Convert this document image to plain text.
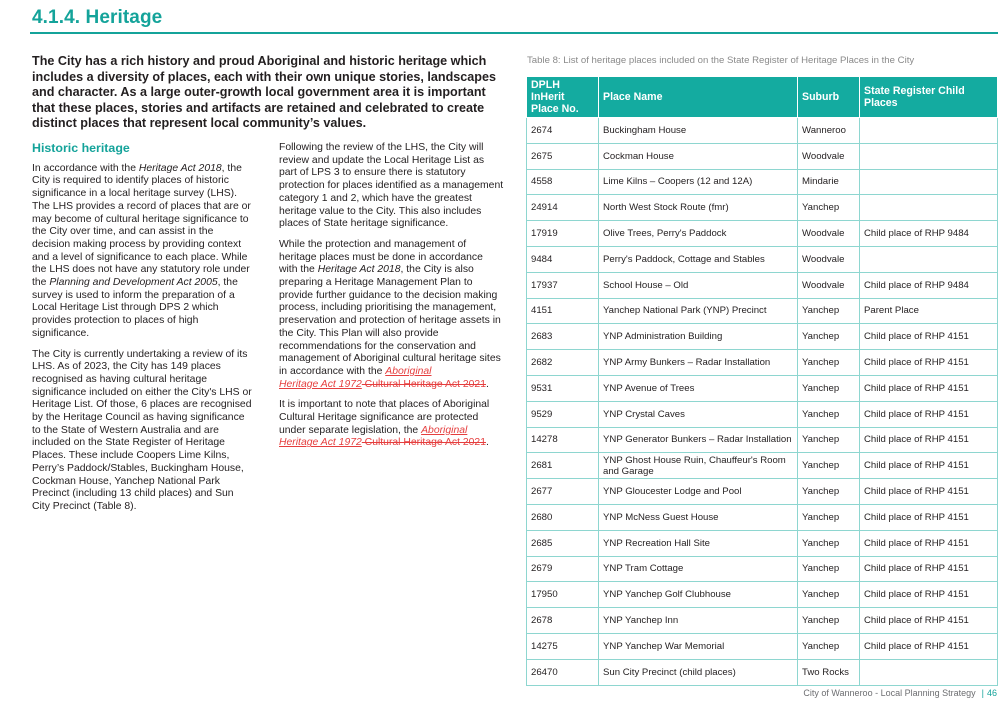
4.1.4. Heritage

The City has a rich history and proud Aboriginal and historic heritage which includes a diversity of places, each with their own unique stories, landscapes and character. As a large outer-growth local government area it is important that these places, stories and artifacts are retained and celebrated to create distinct places that represent local community’s values.

Historic heritage

In accordance with the Heritage Act 2018, the City is required to identify places of historic significance in a local heritage survey (LHS). The LHS provides a record of places that are or may become of cultural heritage significance to the City over time, and can assist in the decision making process by providing context and a level of significance to each place. While the LHS does not have any statutory role under the Planning and Development Act 2005, the survey is used to inform the preparation of a Local Heritage List through DPS 2 which provides protection to places of high significance.

The City is currently undertaking a review of its LHS. As of 2023, the City has 149 places recognised as having cultural heritage significance included on either the City's LHS or Heritage List. Of those, 6 places are recognised by the Heritage Council as having significance to the State of Western Australia and are included on the State Register of Heritage Places. These include Coopers Lime Kilns, Perry’s Paddock/Stables, Buckingham House, Cockman House, Yanchep National Park Precinct (including 13 child places) and Sun City Precinct (Table 8).

Following the review of the LHS, the City will review and update the Local Heritage List as part of LPS 3 to ensure there is statutory protection for places identified as a management category 1 and 2, which have the greatest heritage value to the City. This also includes places of State heritage significance.

While the protection and management of heritage places must be done in accordance with the Heritage Act 2018, the City is also preparing a Heritage Management Plan to provide further guidance to the decision making process, including prioritising the management, preservation and protection of heritage assets in the City. This Plan will also provide recommendations for the conservation and management of Aboriginal cultural heritage sites in accordance with the Aboriginal
Heritage Act 1972 Cultural Heritage Act 2021.

It is important to note that places of Aboriginal Cultural Heritage significance are protected under separate legislation, the Aboriginal
Heritage Act 1972 Cultural Heritage Act 2021.

Table 8: List of heritage places included on the State Register of Heritage Places in the City

DPLH InHerit Place No.	Place Name	Suburb	State Register Child Places
2674	Buckingham House	Wanneroo	
2675	Cockman House	Woodvale	
4558	Lime Kilns – Coopers (12 and 12A)	Mindarie	
24914	North West Stock Route (fmr)	Yanchep	
17919	Olive Trees, Perry's Paddock	Woodvale	Child place of RHP 9484
9484	Perry's Paddock, Cottage and Stables	Woodvale	
17937	School House – Old	Woodvale	Child place of RHP 9484
4151	Yanchep National Park (YNP) Precinct	Yanchep	Parent Place
2683	YNP Administration Building	Yanchep	Child place of RHP 4151
2682	YNP Army Bunkers – Radar Installation	Yanchep	Child place of RHP 4151
9531	YNP Avenue of Trees	Yanchep	Child place of RHP 4151
9529	YNP Crystal Caves	Yanchep	Child place of RHP 4151
14278	YNP Generator Bunkers – Radar Installation	Yanchep	Child place of RHP 4151
2681	YNP Ghost House Ruin, Chauffeur's Room and Garage	Yanchep	Child place of RHP 4151
2677	YNP Gloucester Lodge and Pool	Yanchep	Child place of RHP 4151
2680	YNP McNess Guest House	Yanchep	Child place of RHP 4151
2685	YNP Recreation Hall Site	Yanchep	Child place of RHP 4151
2679	YNP Tram Cottage	Yanchep	Child place of RHP 4151
17950	YNP Yanchep Golf Clubhouse	Yanchep	Child place of RHP 4151
2678	YNP Yanchep Inn	Yanchep	Child place of RHP 4151
14275	YNP Yanchep War Memorial	Yanchep	Child place of RHP 4151
26470	Sun City Precinct (child places)	Two Rocks	
City of Wanneroo - Local Planning Strategy | 46
